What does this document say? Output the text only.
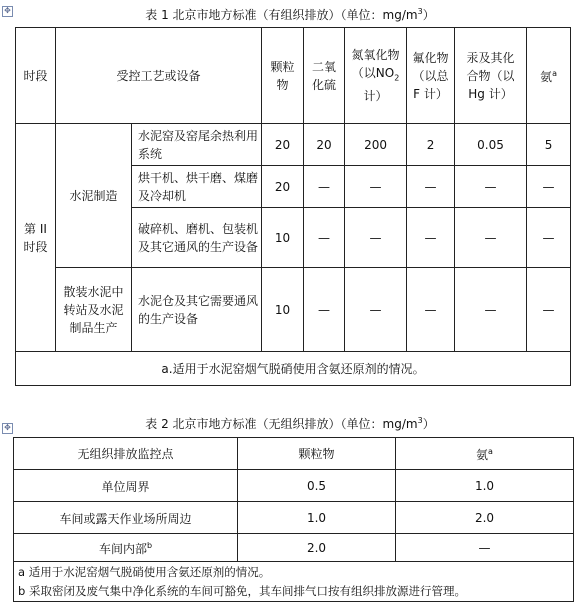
✥	表 1 北京市地方标准（有组织排放）（单位：$mg/m^3$）
时段	受控工艺或设备		颗粒物	二氧化硫	氮氧化物（以$NO_2$计）	氟化物（以总 F 计）	汞及其化合物（以Hg 计）	氨$^a$
第 II 时段	水泥制造	水泥窑及窑尾余热利用系统	20	20	200	2	0.05	5
		烘干机、烘干磨、煤磨及冷却机	20	—	—	—	—	—
		破碎机、磨机、包装机及其它通风的生产设备	10	—	—	—	—	—
	散装水泥中转站及水泥制品生产	水泥仓及其它需要通风的生产设备	10	—	—	—	—	—
a.适用于水泥窑烟气脱硝使用含氨还原剂的情况。								
✥	表 2 北京市地方标准（无组织排放）（单位：$mg/m^3$）
无组织排放监控点	颗粒物	氨$^a$
单位周界	0.5	1.0
车间或露天作业场所周边	1.0	2.0
车间内部$^b$	2.0	—

a 适用于水泥窑烟气脱硝使用含氨还原剂的情况。
b 采取密闭及废气集中净化系统的车间可豁免，其车间排气口按有组织排放源进行管理。		
